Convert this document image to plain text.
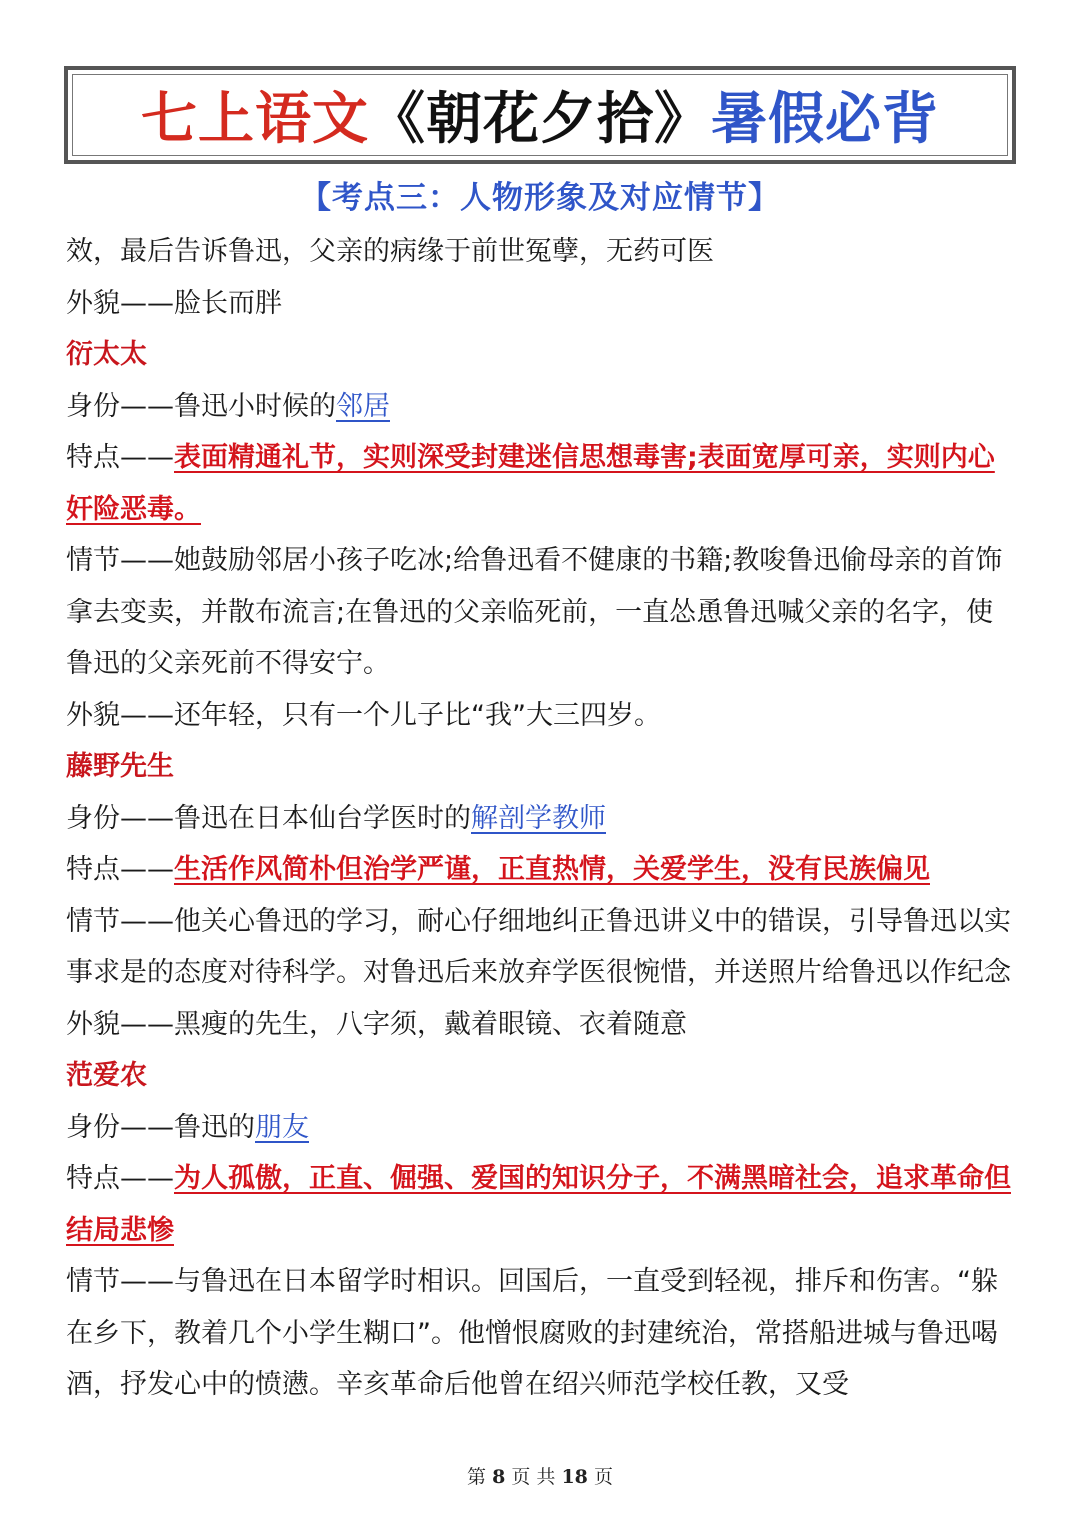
七上语文《朝花夕拾》暑假必背
【考点三：人物形象及对应情节】
效，最后告诉鲁迅，父亲的病缘于前世冤孽，无药可医
外貌——脸长而胖
衍太太
身份——鲁迅小时候的邻居
特点——表面精通礼节，实则深受封建迷信思想毒害;表面宽厚可亲，实则内心奸险恶毒。
情节——她鼓励邻居小孩子吃冰;给鲁迅看不健康的书籍;教唆鲁迅偷母亲的首饰拿去变卖，并散布流言;在鲁迅的父亲临死前，一直怂恿鲁迅喊父亲的名字，使鲁迅的父亲死前不得安宁。
外貌——还年轻，只有一个儿子比“我”大三四岁。
藤野先生
身份——鲁迅在日本仙台学医时的解剖学教师
特点——生活作风简朴但治学严谨，正直热情，关爱学生，没有民族偏见
情节——他关心鲁迅的学习，耐心仔细地纠正鲁迅讲义中的错误，引导鲁迅以实事求是的态度对待科学。对鲁迅后来放弃学医很惋惜，并送照片给鲁迅以作纪念
外貌——黑瘦的先生，八字须，戴着眼镜、衣着随意
范爱农
身份——鲁迅的朋友
特点——为人孤傲，正直、倔强、爱国的知识分子，不满黑暗社会，追求革命但结局悲惨
情节——与鲁迅在日本留学时相识。回国后，一直受到轻视，排斥和伤害。“躲在乡下，教着几个小学生糊口”。他憎恨腐败的封建统治，常搭船进城与鲁迅喝酒，抒发心中的愤懑。辛亥革命后他曾在绍兴师范学校任教，又受
第 8 页 共 18 页
